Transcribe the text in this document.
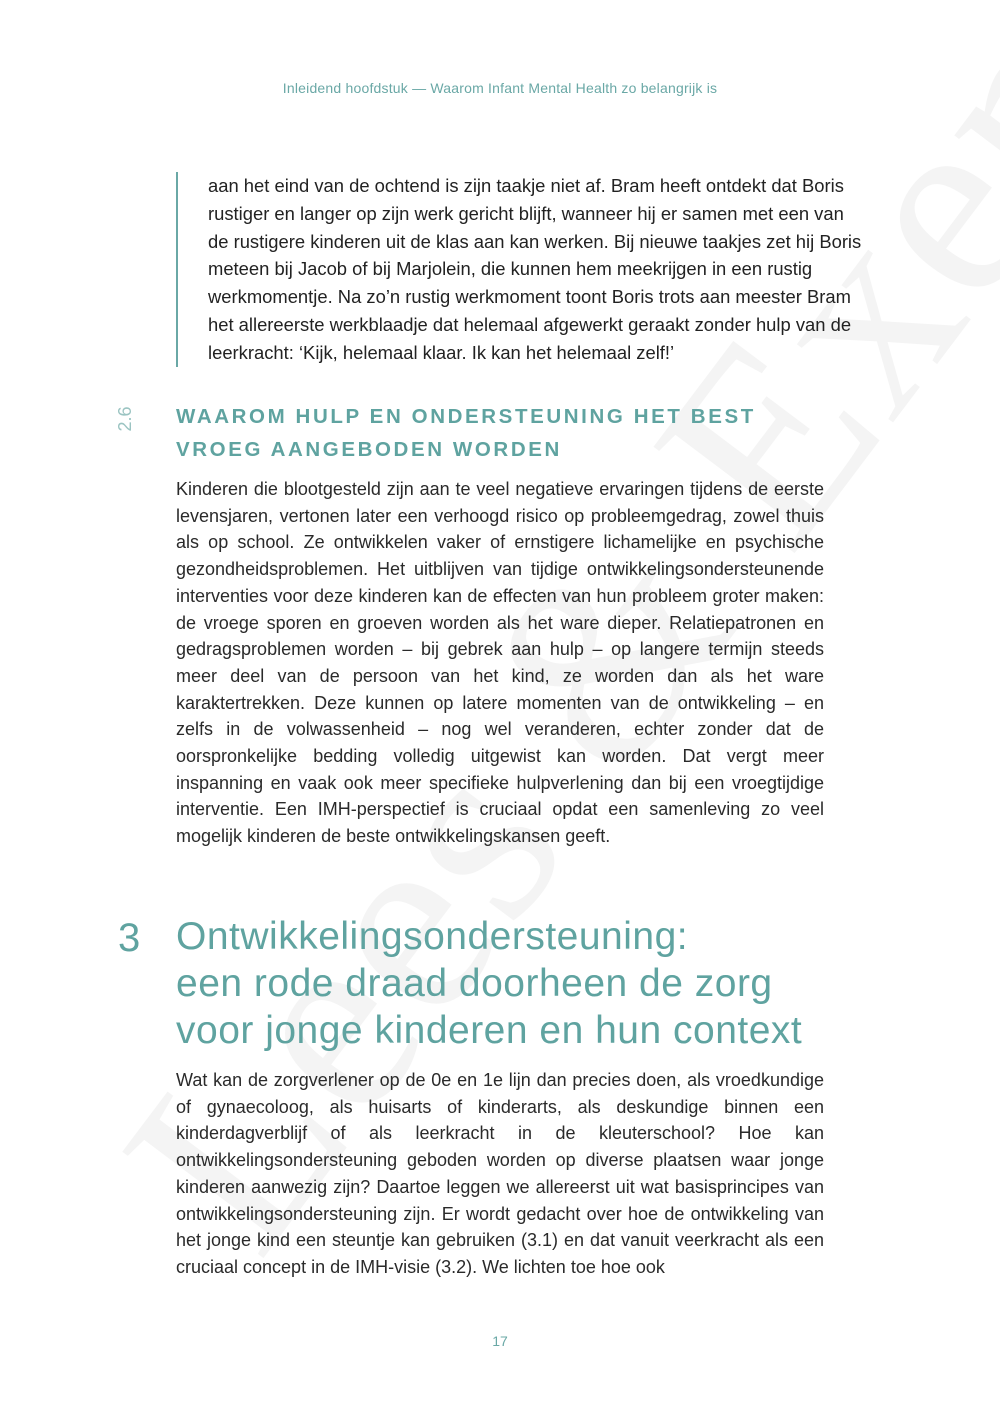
Inleidend hoofdstuk — Waarom Infant Mental Health zo belangrijk is

aan het eind van de ochtend is zijn taakje niet af. Bram heeft ontdekt dat Boris rustiger en langer op zijn werk gericht blijft, wanneer hij er samen met een van de rustigere kinderen uit de klas aan kan werken. Bij nieuwe taakjes zet hij Boris meteen bij Jacob of bij Marjolein, die kunnen hem meekrijgen in een rustig werkmomentje. Na zo’n rustig werkmoment toont Boris trots aan meester Bram het allereerste werkblaadje dat helemaal afgewerkt geraakt zonder hulp van de leerkracht: ‘Kijk, helemaal klaar. Ik kan het helemaal zelf!’

2.6	WAAROM HULP EN ONDERSTEUNING HET BEST VROEG AANGEBODEN WORDEN

Kinderen die blootgesteld zijn aan te veel negatieve ervaringen tijdens de eerste levensjaren, vertonen later een verhoogd risico op probleemgedrag, zowel thuis als op school. Ze ontwikkelen vaker of ernstigere lichamelijke en psychische gezondheidsproblemen. Het uitblijven van tijdige ontwikkelingsondersteunende interventies voor deze kinderen kan de effecten van hun probleem groter maken: de vroege sporen en groeven worden als het ware dieper. Relatiepatronen en gedragsproblemen worden – bij gebrek aan hulp – op langere termijn steeds meer deel van de persoon van het kind, ze worden dan als het ware karaktertrekken. Deze kunnen op latere momenten van de ontwikkeling – en zelfs in de volwassenheid – nog wel veranderen, echter zonder dat de oorspronkelijke bedding volledig uitgewist kan worden. Dat vergt meer inspanning en vaak ook meer specifieke hulpverlening dan bij een vroegtijdige interventie. Een IMH-perspectief is cruciaal opdat een samenleving zo veel mogelijk kinderen de beste ontwikkelingskansen geeft.

3 Ontwikkelingsondersteuning:
een rode draad doorheen de zorg
voor jonge kinderen en hun context

Wat kan de zorgverlener op de 0e en 1e lijn dan precies doen, als vroedkundige of gynaecoloog, als huisarts of kinderarts, als deskundige binnen een kinderdagverblijf of als leerkracht in de kleuterschool? Hoe kan ontwikkelingsondersteuning geboden worden op diverse plaatsen waar jonge kinderen aanwezig zijn? Daartoe leggen we allereerst uit wat basisprincipes van ontwikkelingsondersteuning zijn. Er wordt gedacht over hoe de ontwikkeling van het jonge kind een steuntje kan gebruiken (3.1) en dat vanuit veerkracht als een cruciaal concept in de IMH-visie (3.2). We lichten toe hoe ook

17
